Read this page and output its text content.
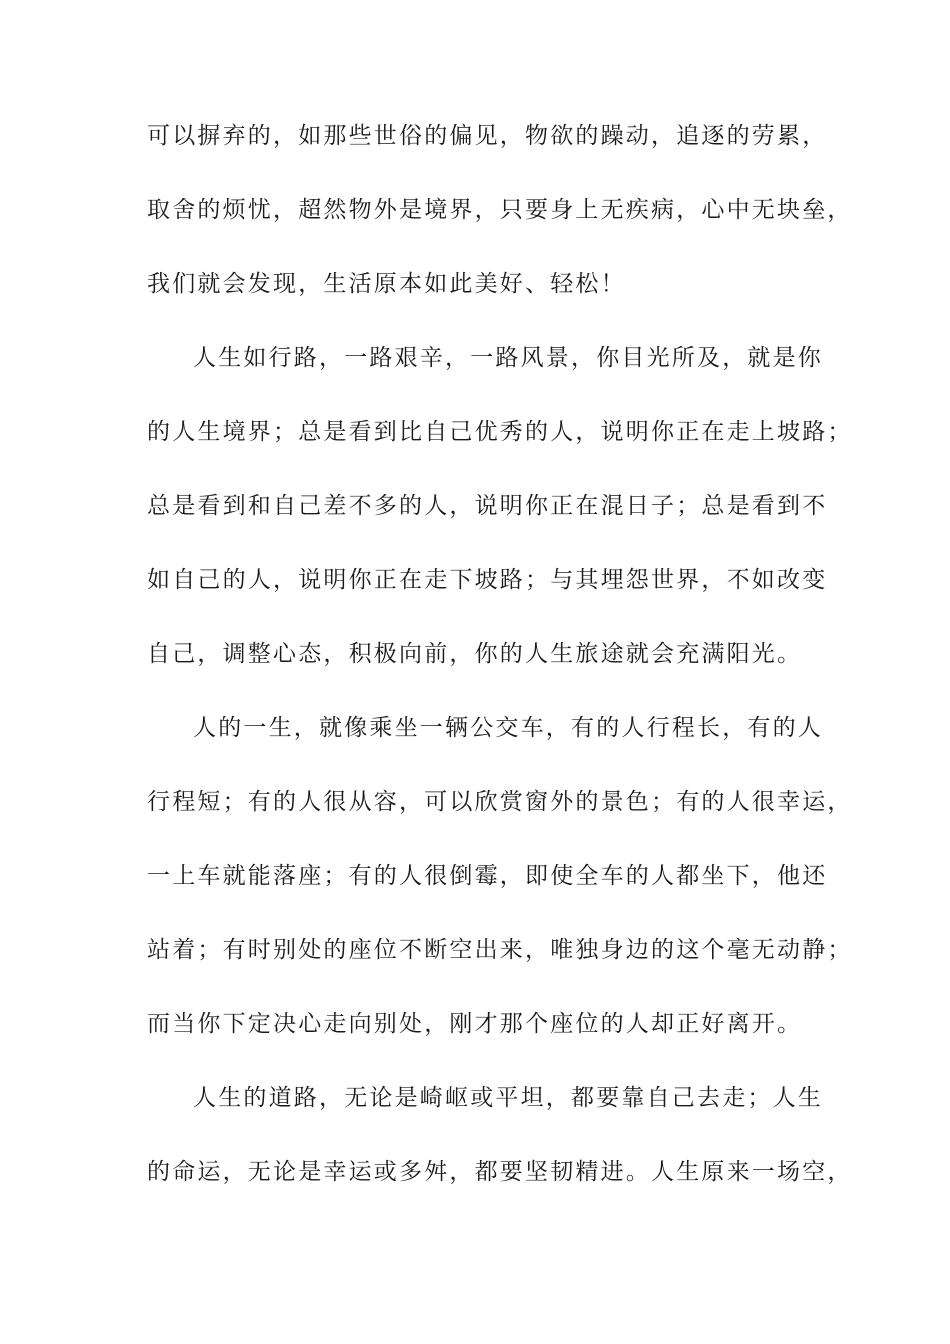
可以摒弃的，如那些世俗的偏见，物欲的躁动，追逐的劳累，
取舍的烦忧，超然物外是境界，只要身上无疾病，心中无块垒，
我们就会发现，生活原本如此美好、轻松！
人生如行路，一路艰辛，一路风景，你目光所及，就是你
的人生境界；总是看到比自己优秀的人，说明你正在走上坡路；
总是看到和自己差不多的人，说明你正在混日子；总是看到不
如自己的人，说明你正在走下坡路；与其埋怨世界，不如改变
自己，调整心态，积极向前，你的人生旅途就会充满阳光。
人的一生，就像乘坐一辆公交车，有的人行程长，有的人
行程短；有的人很从容，可以欣赏窗外的景色；有的人很幸运，
一上车就能落座；有的人很倒霉，即使全车的人都坐下，他还
站着；有时别处的座位不断空出来，唯独身边的这个毫无动静；
而当你下定决心走向别处，刚才那个座位的人却正好离开。
人生的道路，无论是崎岖或平坦，都要靠自己去走；人生
的命运，无论是幸运或多舛，都要坚韧精进。人生原来一场空，
